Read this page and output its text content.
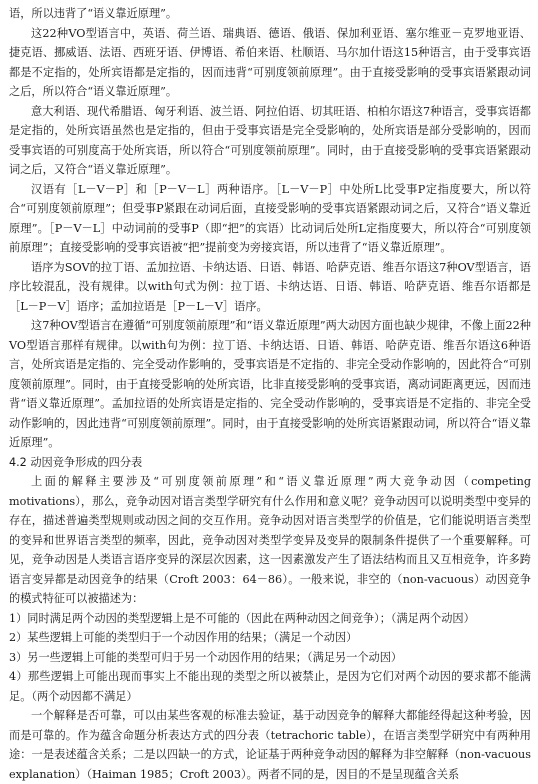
语，所以违背了“语义靠近原理”。

这22种VO型语言中，英语、荷兰语、瑞典语、德语、俄语、保加利亚语、塞尔维亚－克罗地亚语、捷克语、挪威语、法语、西班牙语、伊博语、希伯来语、杜顺语、马尔加什语这15种语言，由于受事宾语都是不定指的，处所宾语都是定指的，因而违背“可别度领前原理”。由于直接受影响的受事宾语紧跟动词之后，所以符合“语义靠近原理”。

意大利语、现代希腊语、匈牙利语、波兰语、阿拉伯语、切其旺语、柏柏尔语这7种语言，受事宾语都是定指的，处所宾语虽然也是定指的，但由于受事宾语是完全受影响的，处所宾语是部分受影响的，因而受事宾语的可别度高于处所宾语，所以符合“可别度领前原理”。同时，由于直接受影响的受事宾语紧跟动词之后，又符合“语义靠近原理”。

汉语有［L－V－P］和［P－V－L］两种语序。［L－V－P］中处所L比受事P定指度要大，所以符合“可别度领前原理”；但受事P紧跟在动词后面，直接受影响的受事宾语紧跟动词之后，又符合“语义靠近原理”。［P－V－L］中动词前的受事P（即“把”的宾语）比动词后处所L定指度要大，所以符合“可别度领前原理”；直接受影响的受事宾语被“把”提前变为旁接宾语，所以违背了“语义靠近原理”。

语序为SOV的拉丁语、孟加拉语、卡纳达语、日语、韩语、哈萨克语、维吾尔语这7种OV型语言，语序比较混乱，没有规律。以with句式为例：拉丁语、卡纳达语、日语、韩语、哈萨克语、维吾尔语都是［L－P－V］语序；孟加拉语是［P－L－V］语序。

这7种OV型语言在遵循“可别度领前原理”和“语义靠近原理”两大动因方面也缺少规律，不像上面22种VO型语言那样有规律。以with句为例：拉丁语、卡纳达语、日语、韩语、哈萨克语、维吾尔语这6种语言，处所宾语是定指的、完全受动作影响的，受事宾语是不定指的、非完全受动作影响的，因此符合“可别度领前原理”。同时，由于直接受影响的处所宾语，比非直接受影响的受事宾语，离动词距离更远，因而违背“语义靠近原理”。孟加拉语的处所宾语是定指的、完全受动作影响的，受事宾语是不定指的、非完全受动作影响的，因此违背“可别度领前原理”。同时，由于直接受影响的处所宾语紧跟动词，所以符合“语义靠近原理”。

4.2 动因竞争形成的四分表

上面的解释主要涉及“可别度领前原理”和“语义靠近原理”两大竞争动因（competing motivations），那么，竞争动因对语言类型学研究有什么作用和意义呢？竞争动因可以说明类型中变异的存在，描述普遍类型规则或动因之间的交互作用。竞争动因对语言类型学的价值是，它们能说明语言类型的变异和世界语言类型的频率，因此，竞争动因对类型学变异及变异的限制条件提供了一个重要解释。可见，竞争动因是人类语言语序变异的深层次因素，这一因素激发产生了语法结构而且又互相竞争，许多跨语言变异都是动因竞争的结果（Croft 2003：64－86）。一般来说，非空的（non-vacuous）动因竞争的模式特征可以被描述为：

1）同时满足两个动因的类型逻辑上是不可能的（因此在两种动因之间竞争）；（满足两个动因）

2）某些逻辑上可能的类型归于一个动因作用的结果；（满足一个动因）

3）另一些逻辑上可能的类型可归于另一个动因作用的结果；（满足另一个动因）

4）那些逻辑上可能出现而事实上不能出现的类型之所以被禁止，是因为它们对两个动因的要求都不能满足。（两个动因都不满足）

一个解释是否可靠，可以由某些客观的标准去验证，基于动因竞争的解释大都能经得起这种考验，因而是可靠的。作为蕴含命题分析表达方式的四分表（tetrachoric table），在语言类型学研究中有两种用途：一是表述蕴含关系；二是以四缺一的方式，论证基于两种竞争动因的解释为非空解释（non-vacuous explanation）（Haiman 1985；Croft 2003）。两者不同的是，因目的不是呈现蕴含关系
